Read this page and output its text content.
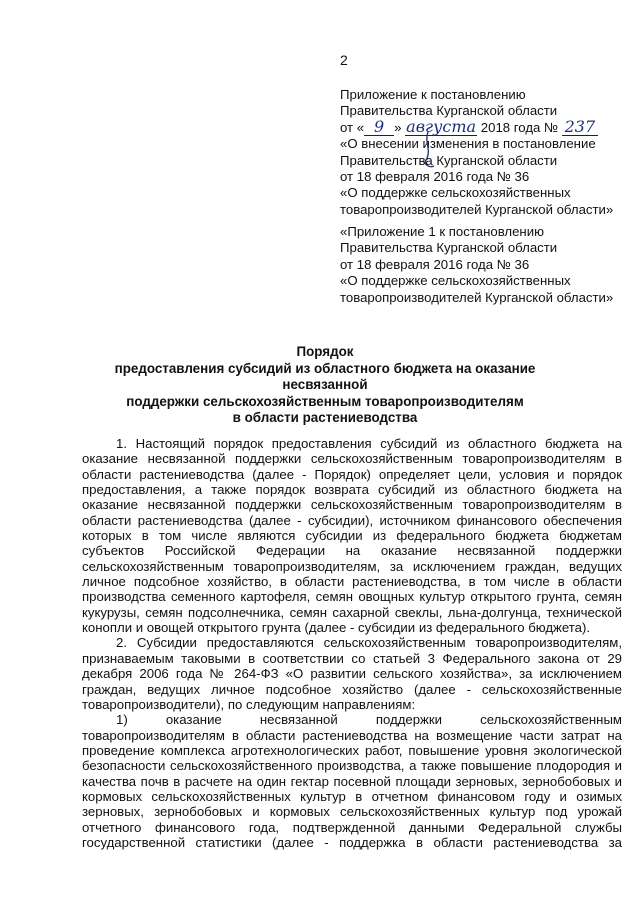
2
Приложение к постановлению
Правительства Курганской области
от « 9 » августа 2018 года № 237
«О внесении изменения в постановление
Правительства Курганской области
от 18 февраля 2016 года № 36
«О поддержке сельскохозяйственных
товаропроизводителей Курганской области»
«Приложение 1 к постановлению
Правительства Курганской области
от 18 февраля 2016 года № 36
«О поддержке сельскохозяйственных
товаропроизводителей Курганской области»
Порядок
предоставления субсидий из областного бюджета на оказание несвязанной
поддержки сельскохозяйственным товаропроизводителям
в области растениеводства

1. Настоящий порядок предоставления субсидий из областного бюджета на оказание несвязанной поддержки сельскохозяйственным товаропроизводителям в области растениеводства (далее - Порядок) определяет цели, условия и порядок предоставления, а также порядок возврата субсидий из областного бюджета на оказание несвязанной поддержки сельскохозяйственным товаропроизводителям в области растениеводства (далее - субсидии), источником финансового обеспечения которых в том числе являются субсидии из федерального бюджета бюджетам субъектов Российской Федерации на оказание несвязанной поддержки сельскохозяйственным товаропроизводителям, за исключением граждан, ведущих личное подсобное хозяйство, в области растениеводства, в том числе в области производства семенного картофеля, семян овощных культур открытого грунта, семян кукурузы, семян подсолнечника, семян сахарной свеклы, льна-долгунца, технической конопли и овощей открытого грунта (далее - субсидии из федерального бюджета).

2. Субсидии предоставляются сельскохозяйственным товаропроизводителям, признаваемым таковыми в соответствии со статьей 3 Федерального закона от 29 декабря 2006 года № 264-ФЗ «О развитии сельского хозяйства», за исключением граждан, ведущих личное подсобное хозяйство (далее - сельскохозяйственные товаропроизводители), по следующим направлениям:

1) оказание несвязанной поддержки сельскохозяйственным товаропроизводителям в области растениеводства на возмещение части затрат на проведение комплекса агротехнологических работ, повышение уровня экологической безопасности сельскохозяйственного производства, а также повышение плодородия и качества почв в расчете на один гектар посевной площади зерновых, зернобобовых и кормовых сельскохозяйственных культур в отчетном финансовом году и озимых зерновых, зернобобовых и кормовых сельскохозяйственных культур под урожай отчетного финансового года, подтвержденной данными Федеральной службы государственной статистики (далее - поддержка в области растениеводства за
